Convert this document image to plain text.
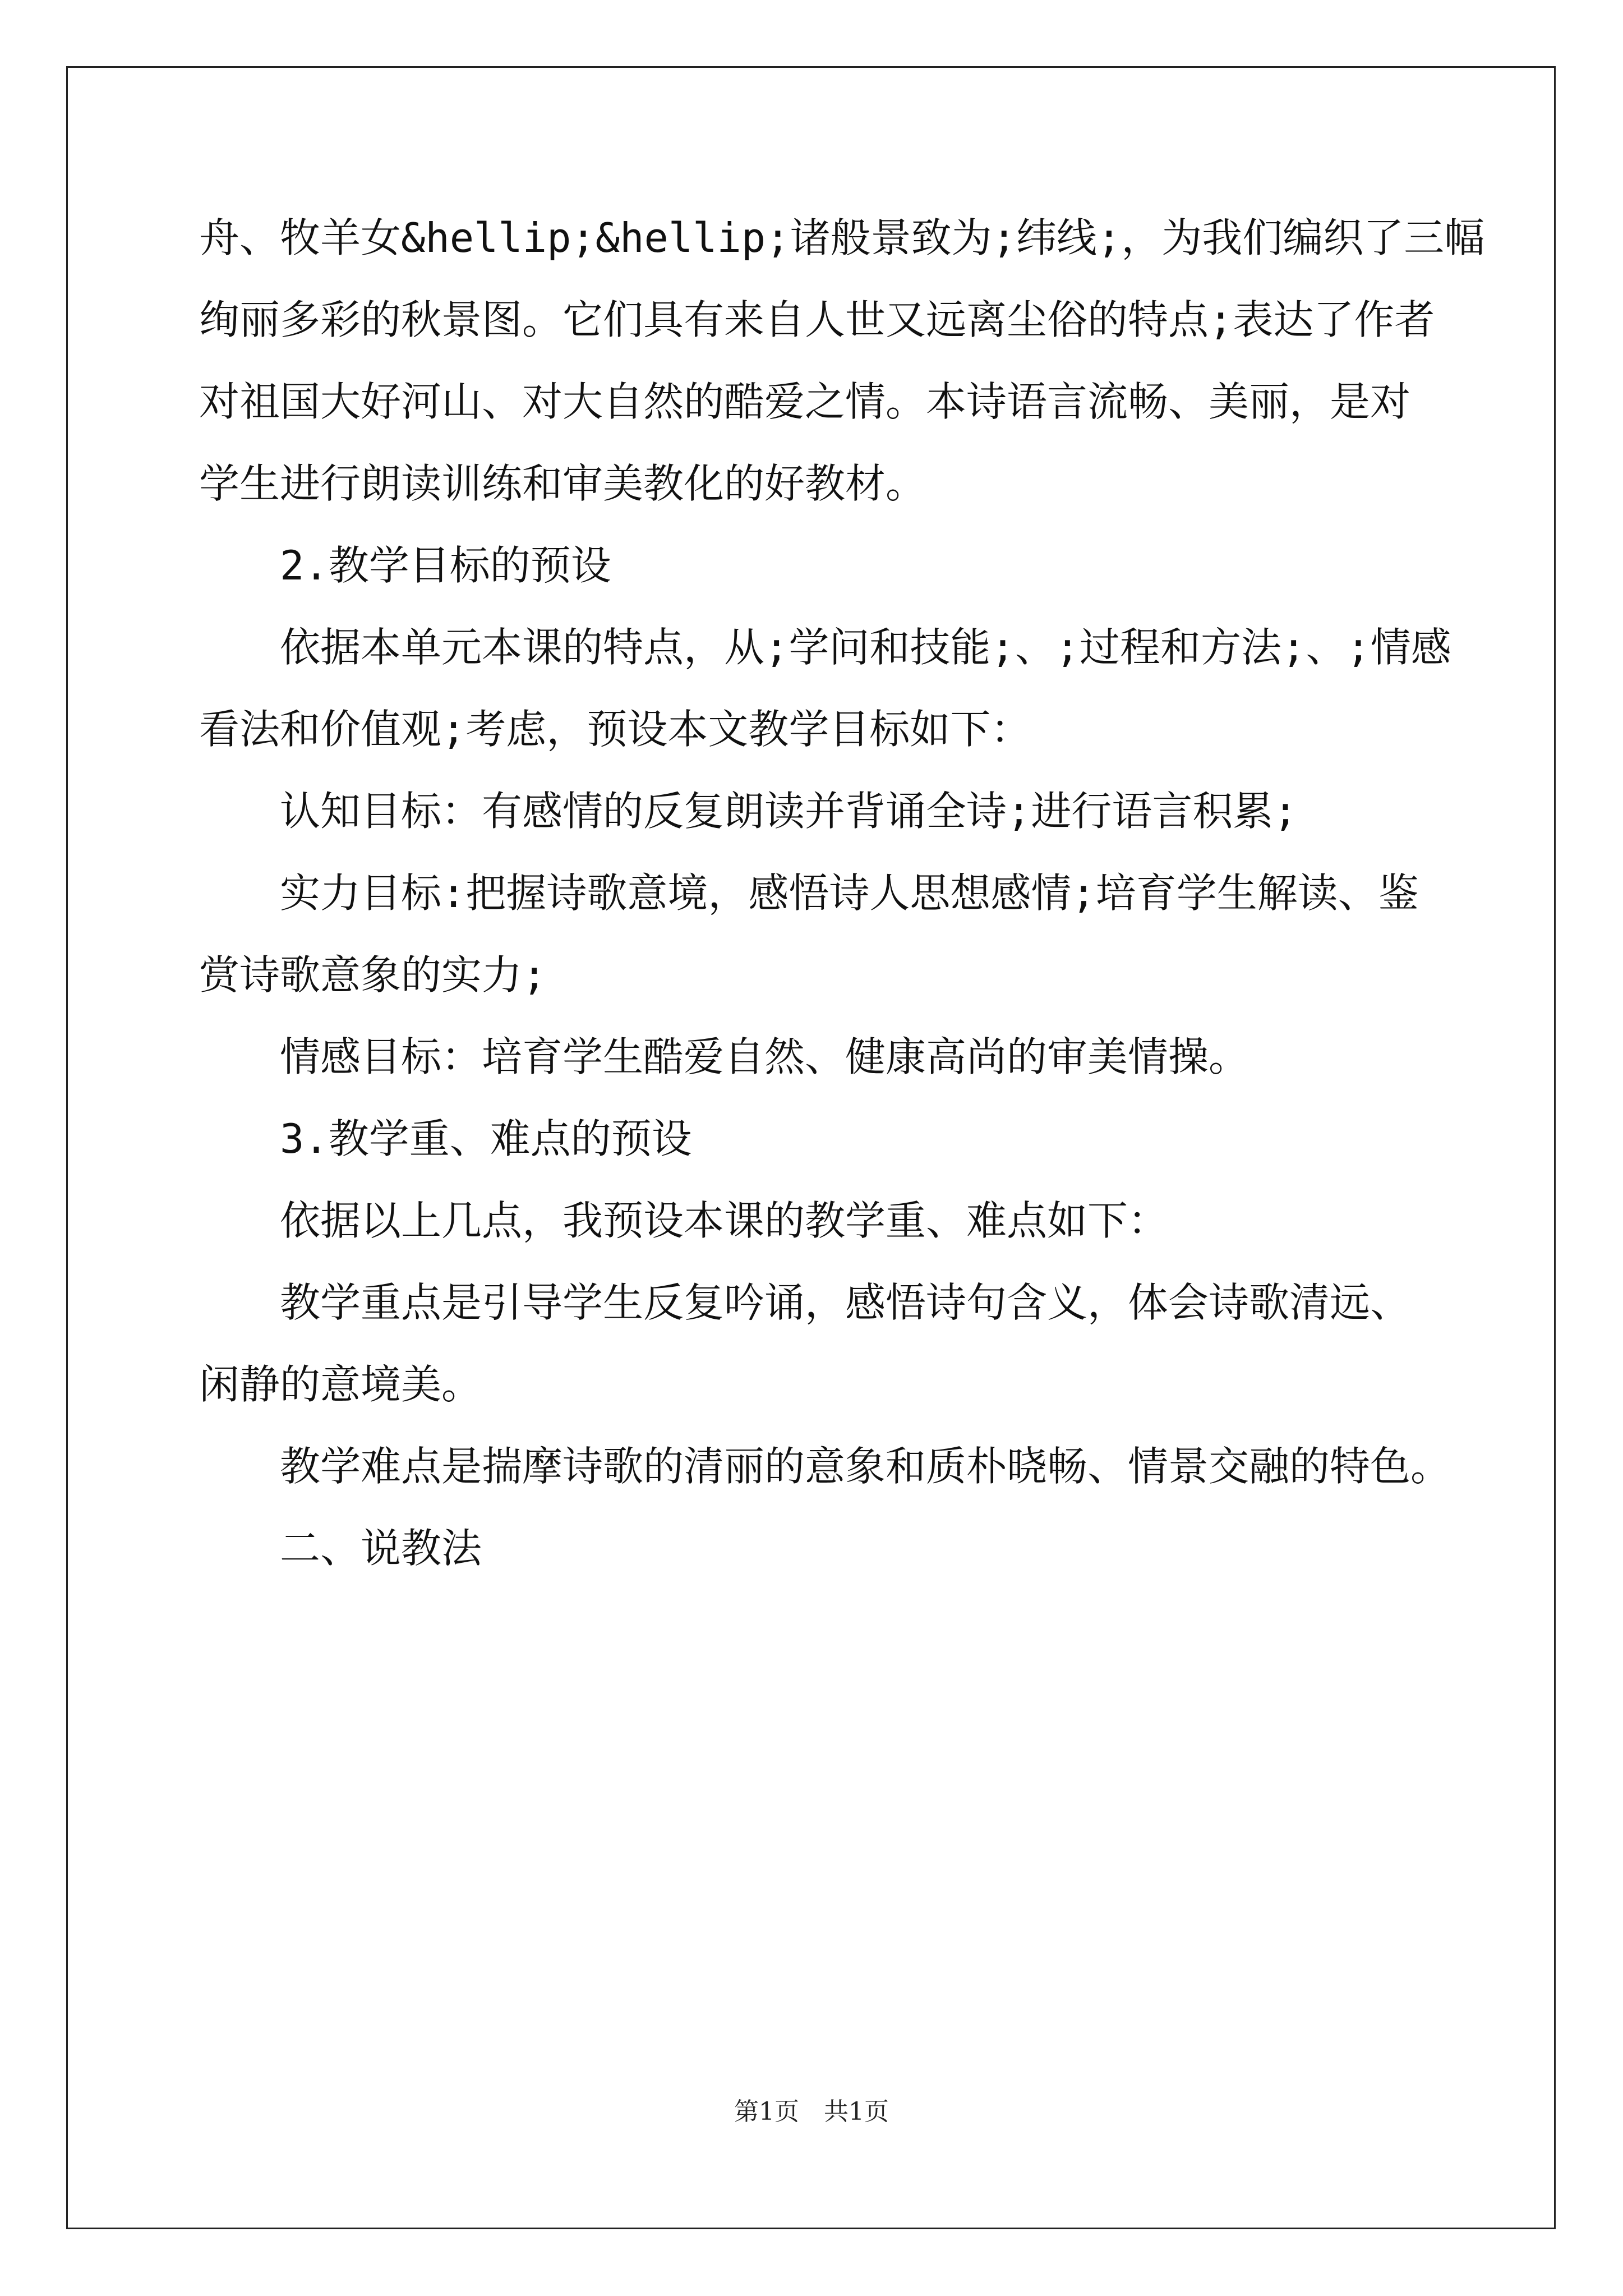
舟、牧羊女&hellip;&hellip;诸般景致为;纬线;，为我们编织了三幅
绚丽多彩的秋景图。它们具有来自人世又远离尘俗的特点;表达了作者
对祖国大好河山、对大自然的酷爱之情。本诗语言流畅、美丽，是对
学生进行朗读训练和审美教化的好教材。
2.教学目标的预设
依据本单元本课的特点，从;学问和技能;、;过程和方法;、;情感
看法和价值观;考虑，预设本文教学目标如下：
认知目标：有感情的反复朗读并背诵全诗;进行语言积累;
实力目标:把握诗歌意境，感悟诗人思想感情;培育学生解读、鉴
赏诗歌意象的实力;
情感目标：培育学生酷爱自然、健康高尚的审美情操。
3.教学重、难点的预设
依据以上几点，我预设本课的教学重、难点如下：
教学重点是引导学生反复吟诵，感悟诗句含义，体会诗歌清远、
闲静的意境美。
教学难点是揣摩诗歌的清丽的意象和质朴晓畅、情景交融的特色。
二、说教法
第1页　共1页
